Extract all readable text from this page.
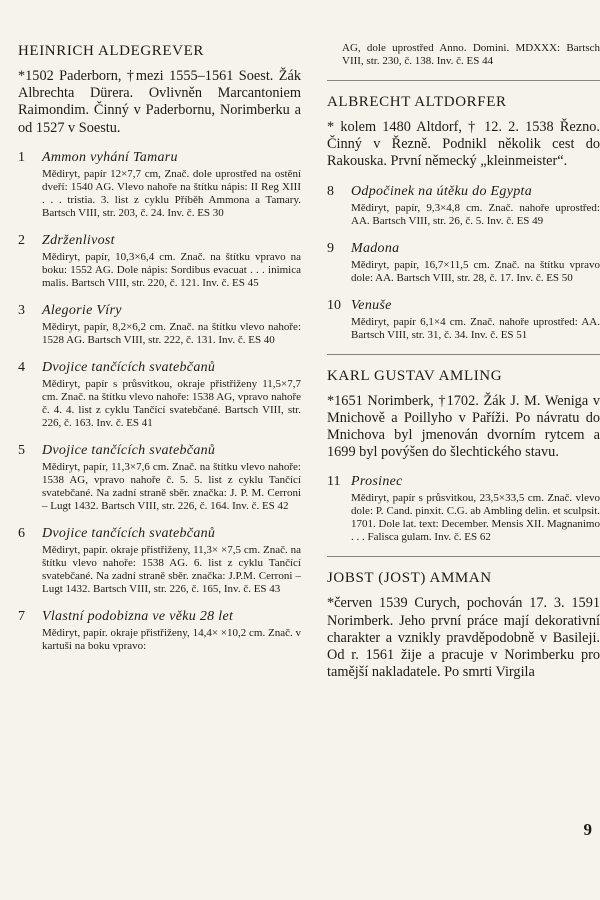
HEINRICH ALDEGREVER

*1502 Paderborn, †mezi 1555–1561 Soest. Žák Albrechta Dürera. Ovlivněn Marcantoniem Raimondim. Činný v Paderbornu, Norimberku a od 1527 v Soestu.

1	Ammon vyhání Tamaru
Mědiryt, papír 12×7,7 cm, Znač. dole uprostřed na ostění dveří: 1540 AG. Vlevo nahoře na štítku nápis: II Reg XIII . . . tristia. 3. list z cyklu Příběh Ammona a Tamary. Bartsch VIII, str. 203, č. 24. Inv. č. ES 30
2	Zdrženlivost
Mědiryt, papír, 10,3×6,4 cm. Znač. na štítku vpravo na boku: 1552 AG. Dole nápis: Sordibus evacuat . . . inimica malis. Bartsch VIII, str. 220, č. 121. Inv. č. ES 45
3	Alegorie Víry
Mědiryt, papír, 8,2×6,2 cm. Znač. na štítku vlevo nahoře: 1528 AG. Bartsch VIII, str. 222, č. 131. Inv. č. ES 40
4	Dvojice tančících svatebčanů
Mědiryt, papír s průsvitkou, okraje přistřiženy 11,5×7,7 cm. Znač. na štítku vlevo nahoře: 1538 AG, vpravo nahoře č. 4. 4. list z cyklu Tančící svatebčané. Bartsch VIII, str. 226, č. 163. Inv. č. ES 41
5	Dvojice tančících svatebčanů
Mědiryt, papír, 11,3×7,6 cm. Znač. na štítku vlevo nahoře: 1538 AG, vpravo nahoře č. 5. 5. list z cyklu Tančící svatebčané. Na zadní straně sběr. značka: J. P. M. Cerroni – Lugt 1432. Bartsch VIII, str. 226, č. 164. Inv. č. ES 42
6	Dvojice tančících svatebčanů
Mědiryt, papír. okraje přistřiženy, 11,3× ×7,5 cm. Znač. na štítku vlevo nahoře: 1538 AG. 6. list z cyklu Tančící svatebčané. Na zadní straně sběr. značka: J.P.M. Cerroni – Lugt 1432. Bartsch VIII, str. 226, č. 165, Inv. č. ES 43
7	Vlastní podobizna ve věku 28 let
Mědiryt, papír. okraje přistřiženy, 14,4× ×10,2 cm. Znač. v kartuši na boku vpravo:
AG, dole uprostřed Anno. Domini. MDXXX: Bartsch VIII, str. 230, č. 138. Inv. č. ES 44
ALBRECHT ALTDORFER

* kolem 1480 Altdorf, † 12. 2. 1538 Řezno. Činný v Řezně. Podnikl několik cest do Rakouska. První německý „kleinmeister“.

8	Odpočinek na útěku do Egypta
Mědiryt, papír, 9,3×4,8 cm. Znač. nahoře uprostřed: AA. Bartsch VIII, str. 26, č. 5. Inv. č. ES 49
9	Madona
Mědiryt, papír, 16,7×11,5 cm. Znač. na štítku vpravo dole: AA. Bartsch VIII, str. 28, č. 17. Inv. č. ES 50
10 Venuše
Mědiryt, papír 6,1×4 cm. Znač. nahoře uprostřed: AA. Bartsch VIII, str. 31, č. 34. Inv. č. ES 51
KARL GUSTAV AMLING

*1651 Norimberk, †1702. Žák J. M. Weniga v Mnichově a Poillyho v Paříži. Po návratu do Mnichova byl jmenován dvorním rytcem a 1699 byl povýšen do šlechtického stavu.

11 Prosinec
Mědiryt, papír s průsvitkou, 23,5×33,5 cm. Znač. vlevo dole: P. Cand. pinxit. C.G. ab Ambling delin. et sculpsit. 1701. Dole lat. text: December. Mensis XII. Magnanimo . . . Falisca gulam. Inv. č. ES 62
JOBST (JOST) AMMAN

*červen 1539 Curych, pochován 17. 3. 1591 Norimberk. Jeho první práce mají dekorativní charakter a vznikly pravděpodobně v Basileji. Od r. 1561 žije a pracuje v Norimberku pro tamější nakladatele. Po smrti Virgila

9
